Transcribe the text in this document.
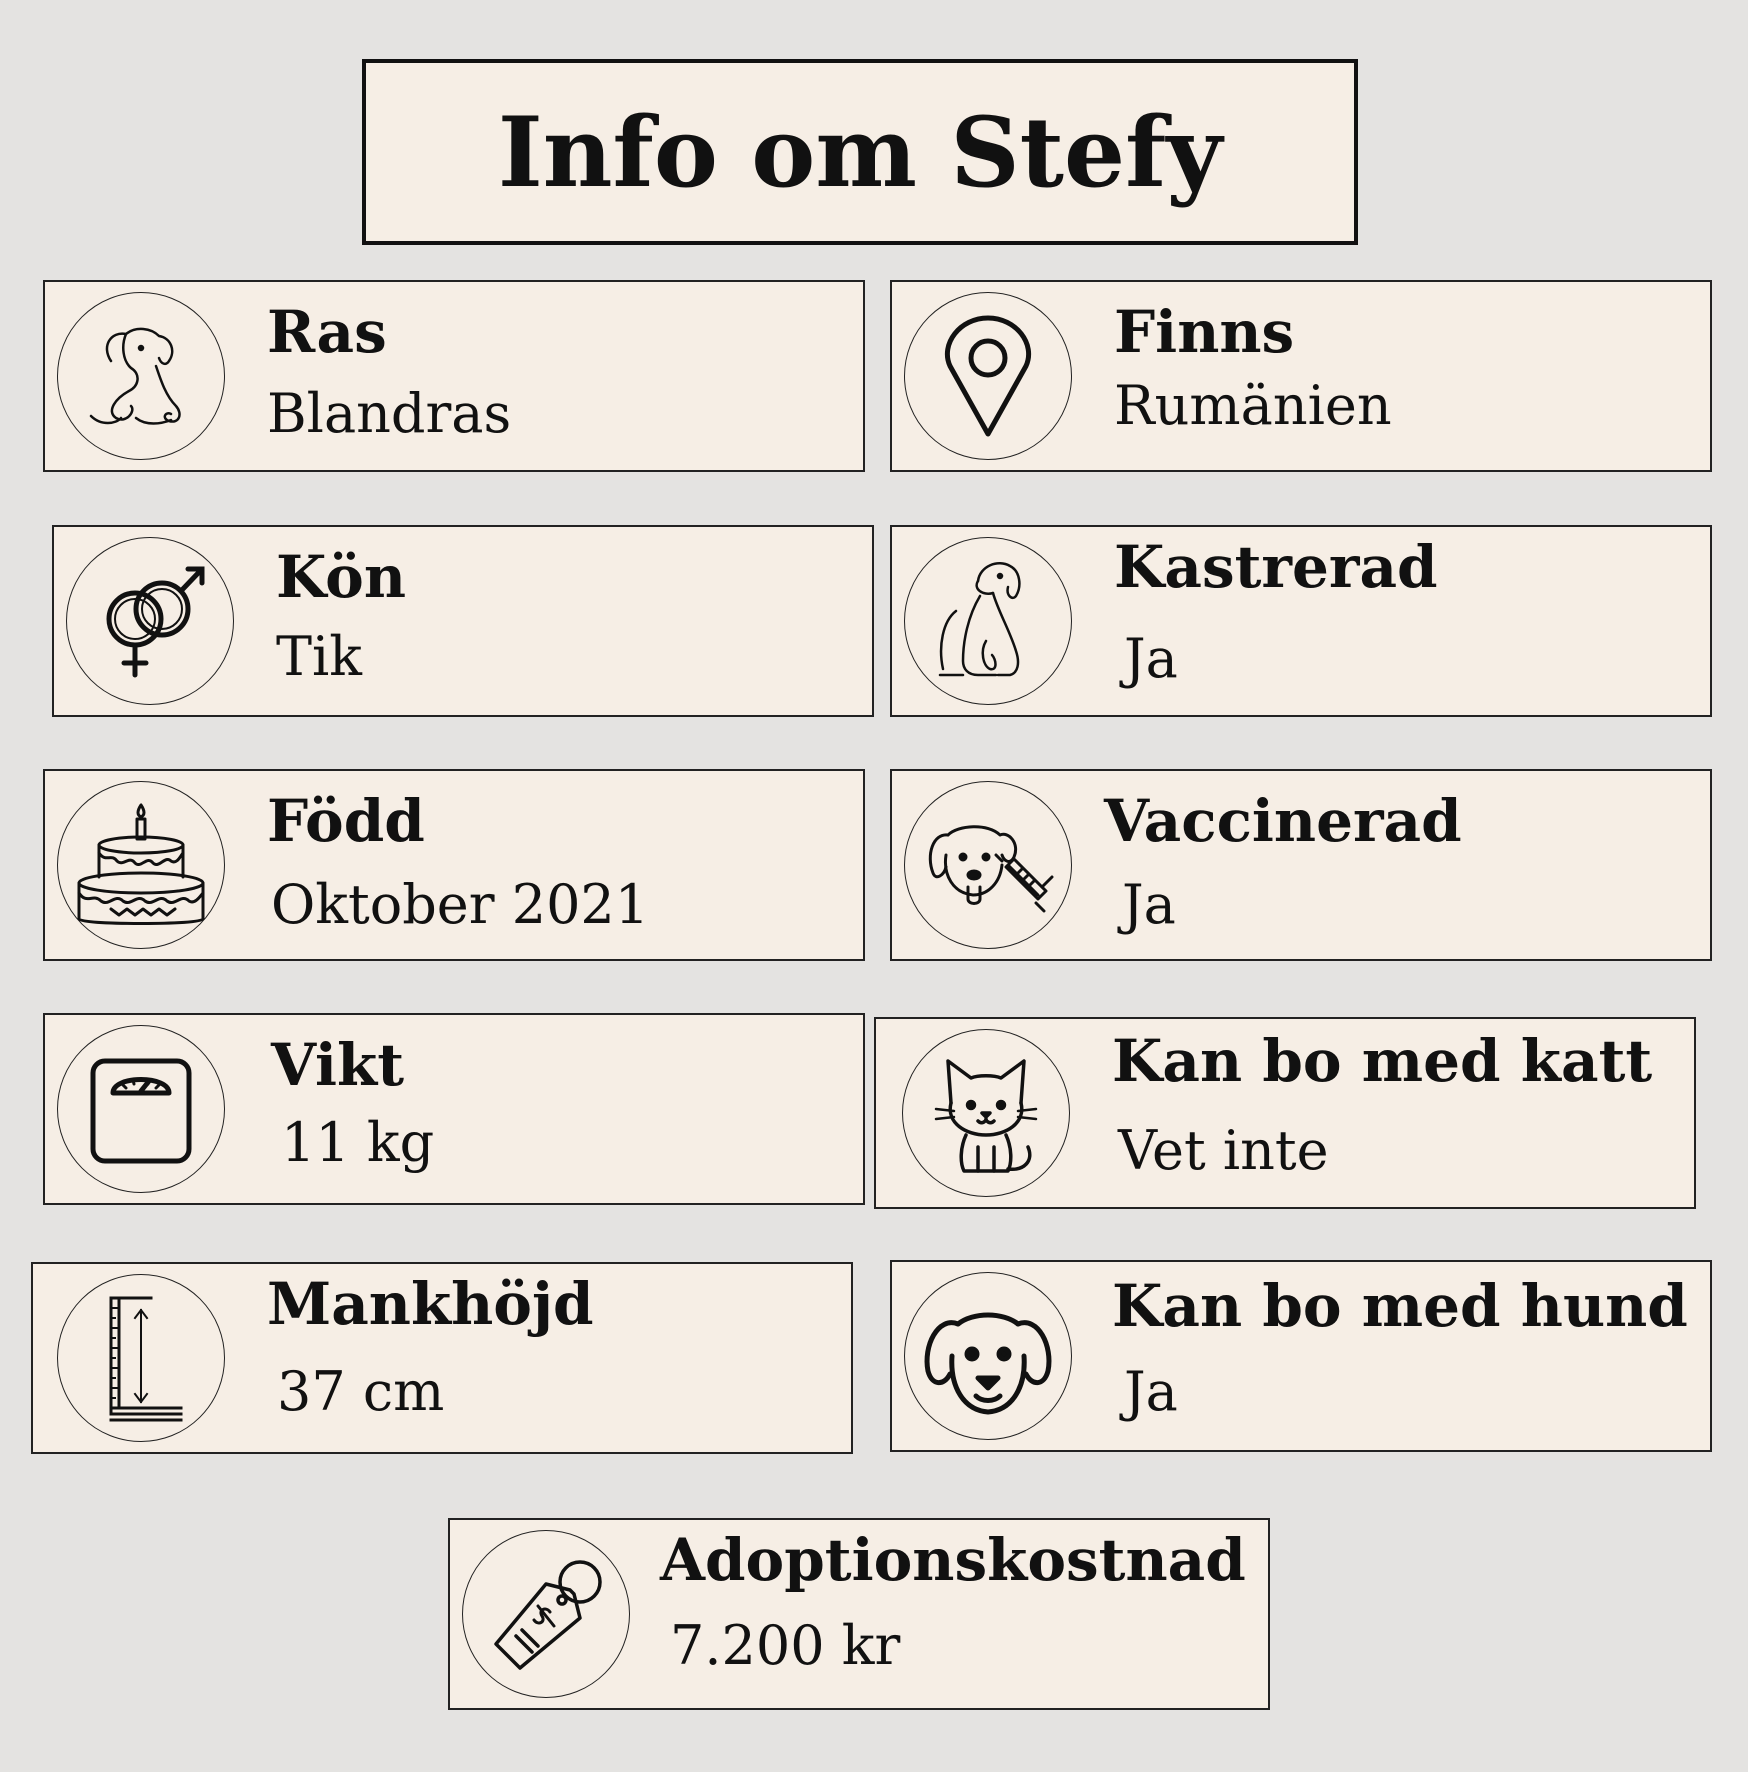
Info om Stefy
Ras
Blandras
Finns
Rumänien
Kön
Tik
Kastrerad
Ja
Född
Oktober 2021
Vaccinerad
Ja
Vikt
11 kg
Kan bo med katt
Vet inte
Mankhöjd
37 cm
Kan bo med hund
Ja
Adoptionskostnad
7.200 kr
